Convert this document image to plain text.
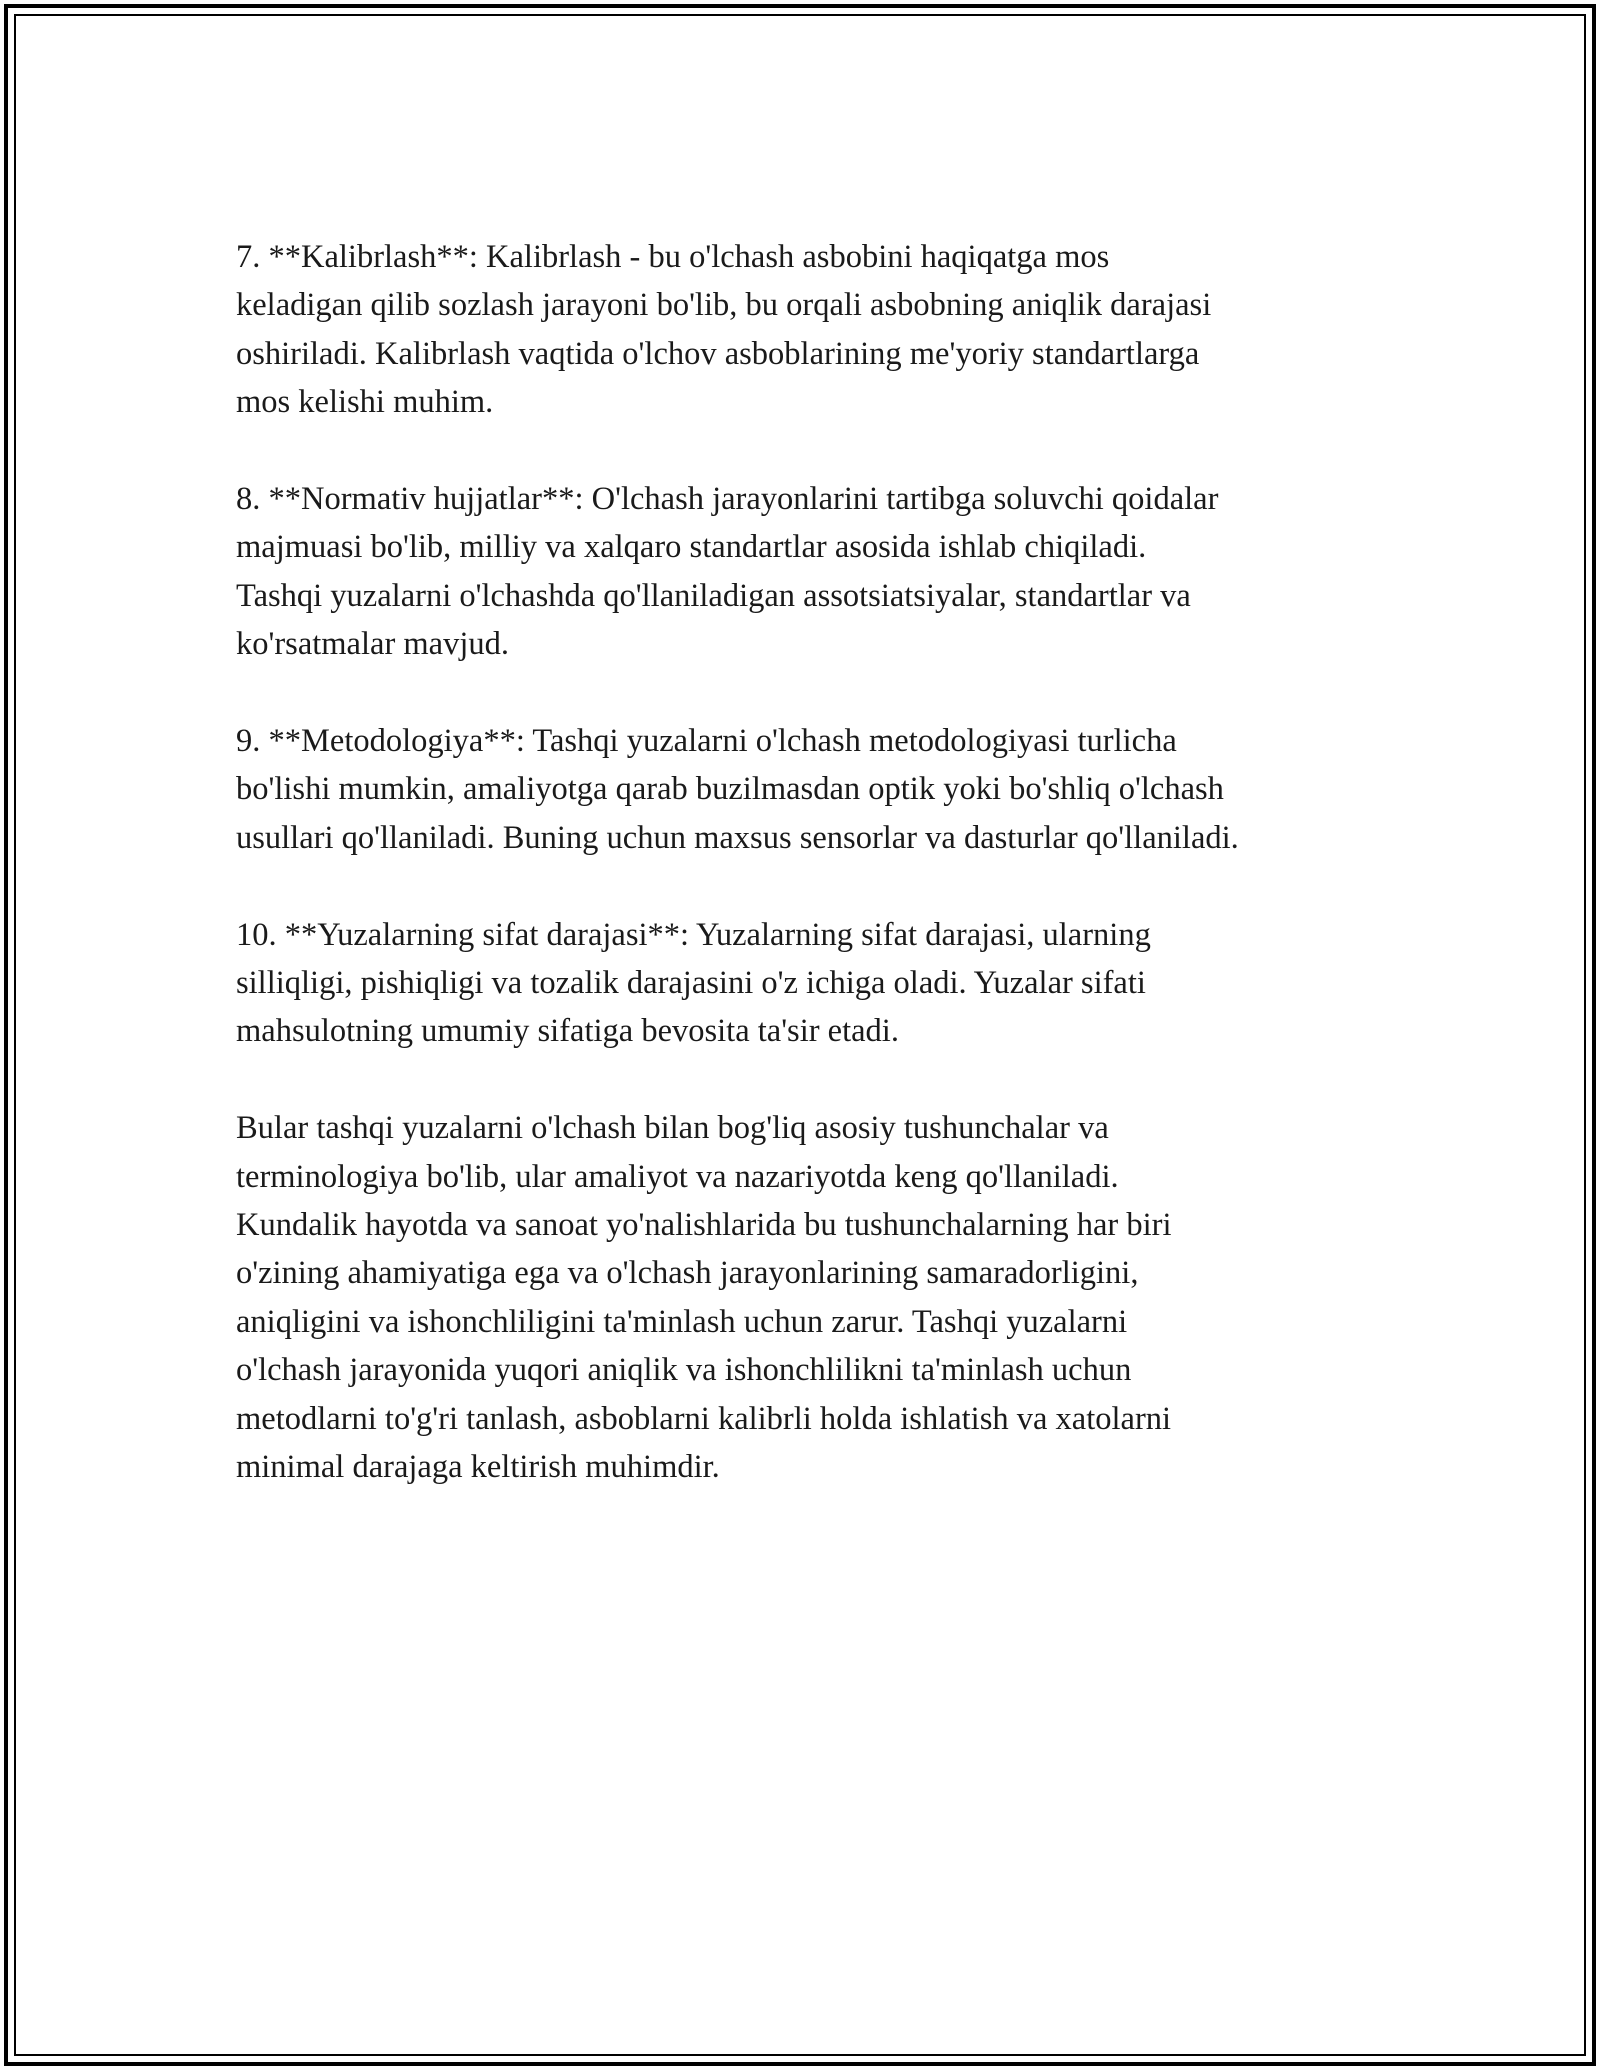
7. **Kalibrlash**: Kalibrlash - bu o'lchash asbobini haqiqatga mos
keladigan qilib sozlash jarayoni bo'lib, bu orqali asbobning aniqlik darajasi
oshiriladi. Kalibrlash vaqtida o'lchov asboblarining me'yoriy standartlarga
mos kelishi muhim.

8. **Normativ hujjatlar**: O'lchash jarayonlarini tartibga soluvchi qoidalar
majmuasi bo'lib, milliy va xalqaro standartlar asosida ishlab chiqiladi.
Tashqi yuzalarni o'lchashda qo'llaniladigan assotsiatsiyalar, standartlar va
ko'rsatmalar mavjud.

9. **Metodologiya**: Tashqi yuzalarni o'lchash metodologiyasi turlicha
bo'lishi mumkin, amaliyotga qarab buzilmasdan optik yoki bo'shliq o'lchash
usullari qo'llaniladi. Buning uchun maxsus sensorlar va dasturlar qo'llaniladi.

10. **Yuzalarning sifat darajasi**: Yuzalarning sifat darajasi, ularning
silliqligi, pishiqligi va tozalik darajasini o'z ichiga oladi. Yuzalar sifati
mahsulotning umumiy sifatiga bevosita ta'sir etadi.

Bular tashqi yuzalarni o'lchash bilan bog'liq asosiy tushunchalar va
terminologiya bo'lib, ular amaliyot va nazariyotda keng qo'llaniladi.
Kundalik hayotda va sanoat yo'nalishlarida bu tushunchalarning har biri
o'zining ahamiyatiga ega va o'lchash jarayonlarining samaradorligini,
aniqligini va ishonchliligini ta'minlash uchun zarur. Tashqi yuzalarni
o'lchash jarayonida yuqori aniqlik va ishonchlilikni ta'minlash uchun
metodlarni to'g'ri tanlash, asboblarni kalibrli holda ishlatish va xatolarni
minimal darajaga keltirish muhimdir.
